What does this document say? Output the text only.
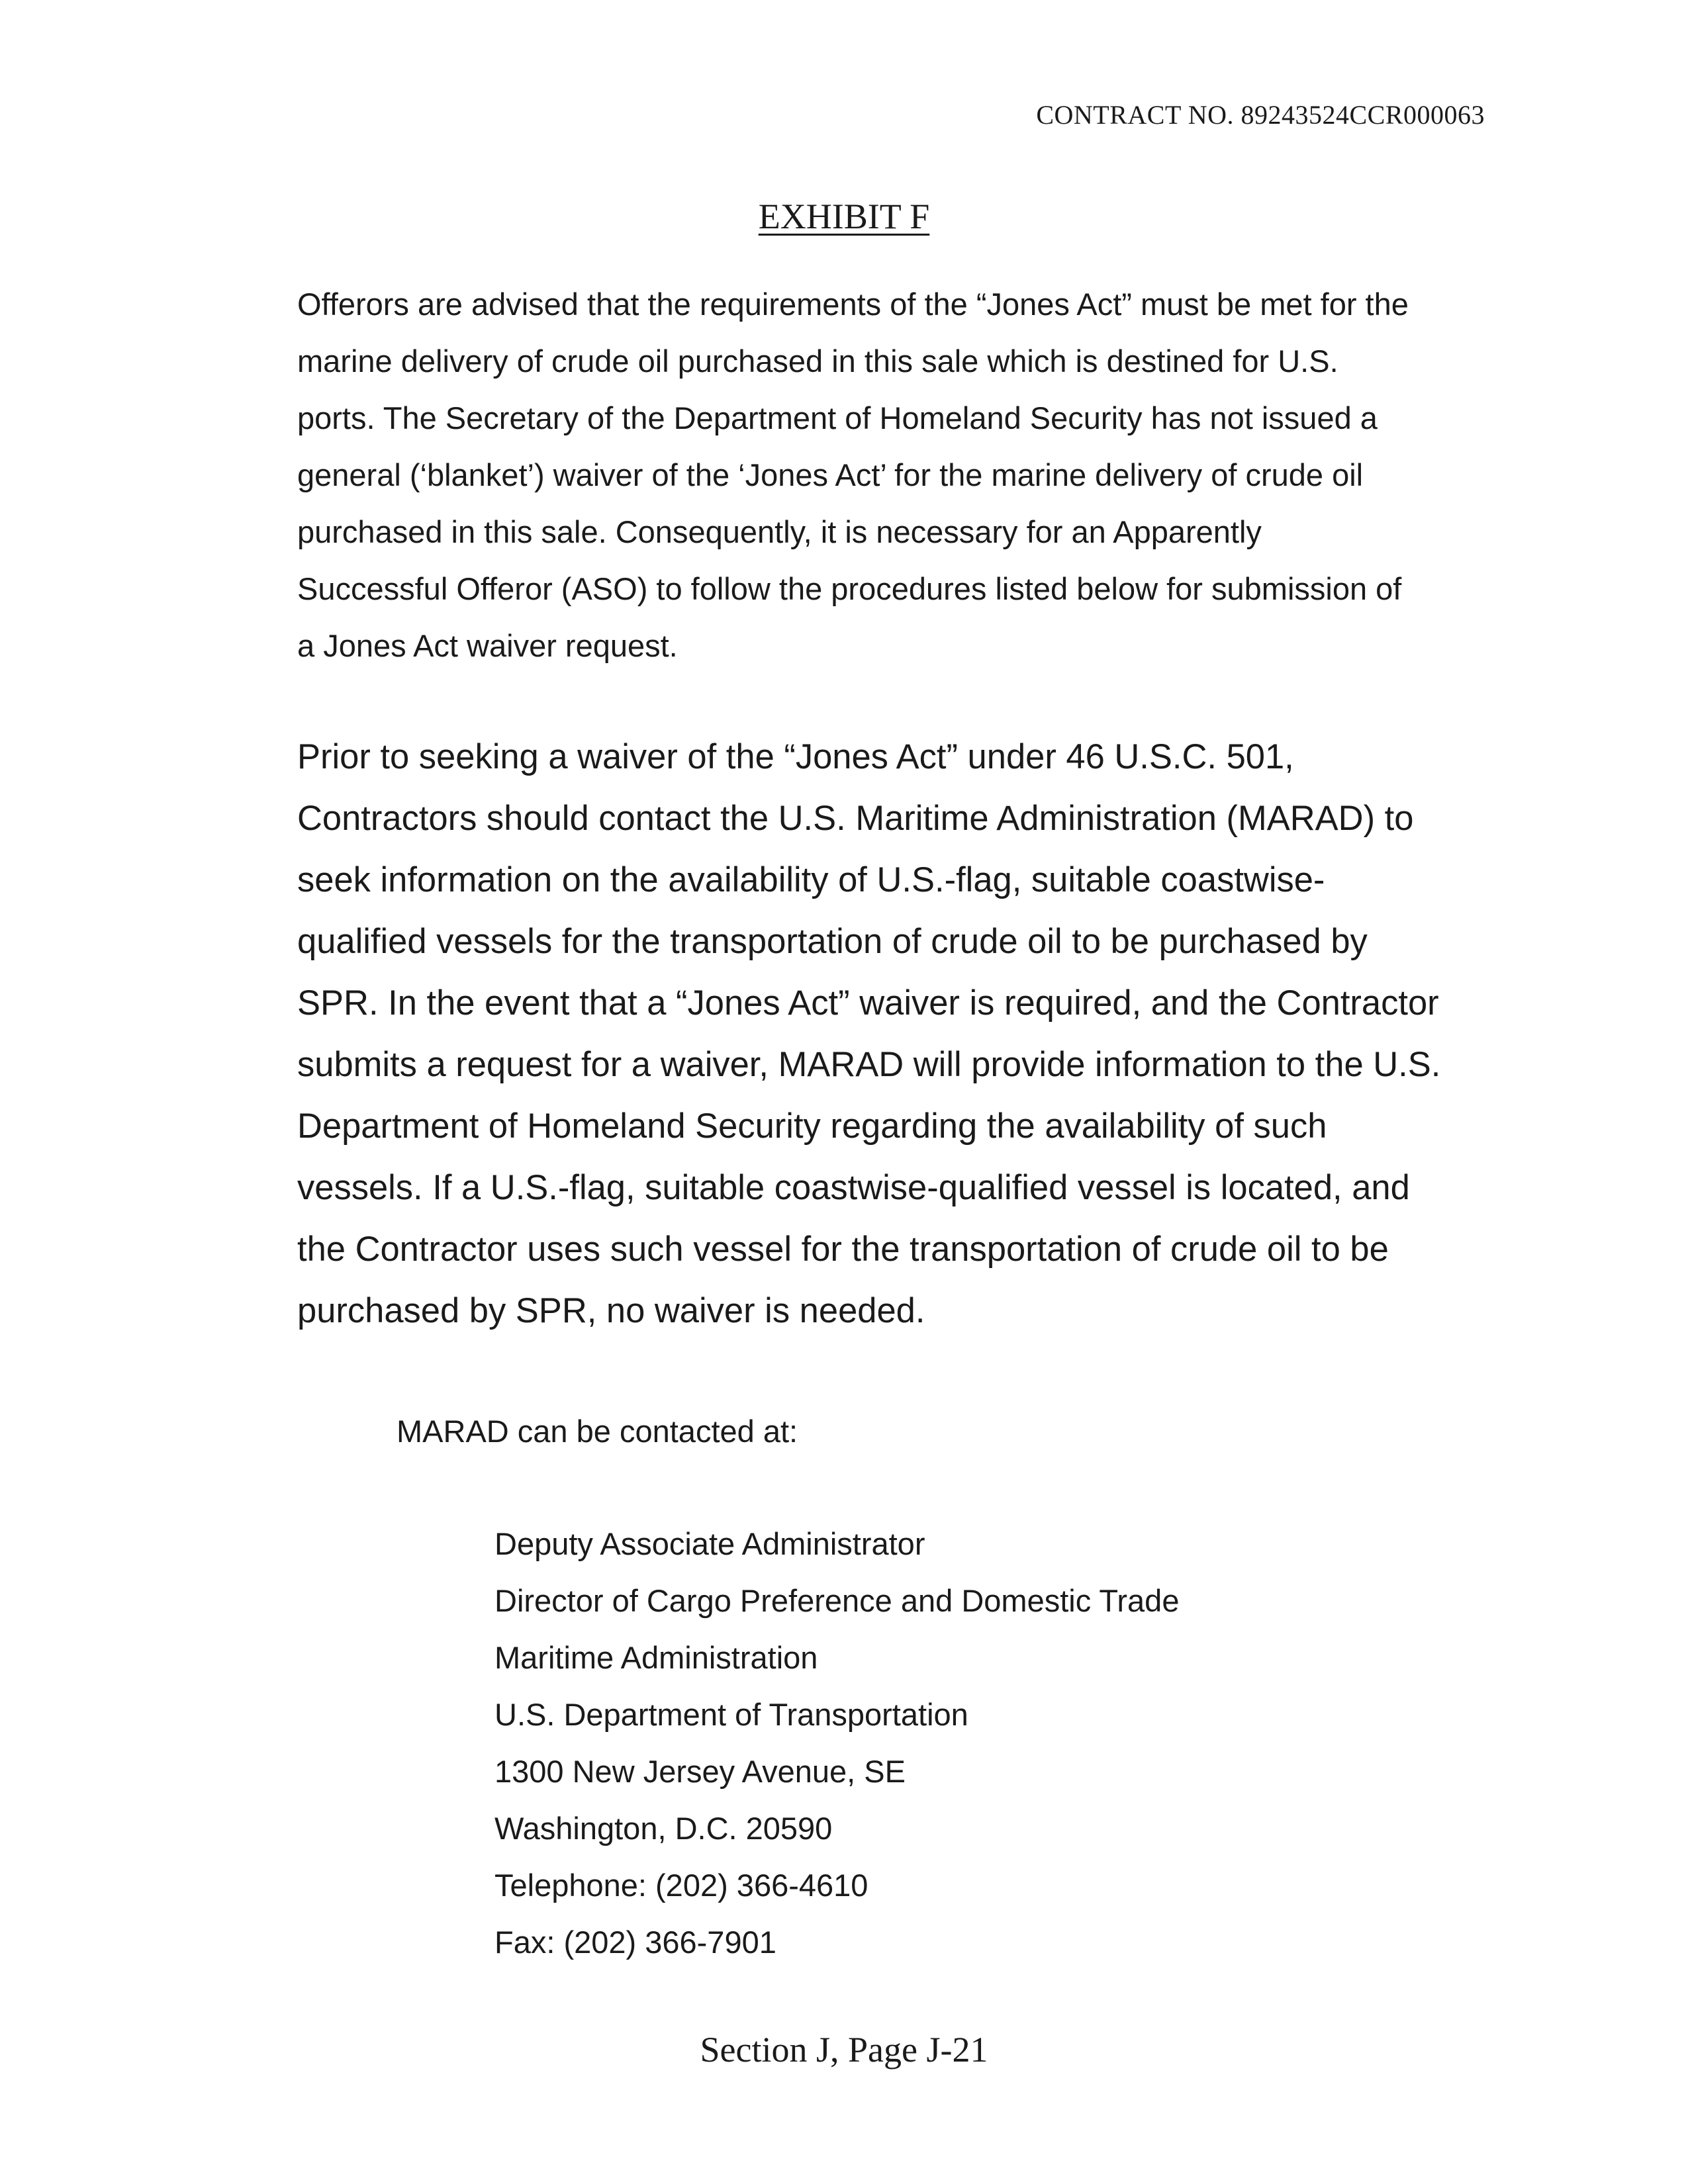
CONTRACT NO. 89243524CCR000063
EXHIBIT F

Offerors are advised that the requirements of the “Jones Act” must be met for the
marine delivery of crude oil purchased in this sale which is destined for U.S.
ports. The Secretary of the Department of Homeland Security has not issued a
general (‘blanket’) waiver of the ‘Jones Act’ for the marine delivery of crude oil
purchased in this sale. Consequently, it is necessary for an Apparently
Successful Offeror (ASO) to follow the procedures listed below for submission of
a Jones Act waiver request.

Prior to seeking a waiver of the “Jones Act” under 46 U.S.C. 501,
Contractors should contact the U.S. Maritime Administration (MARAD) to
seek information on the availability of U.S.-flag, suitable coastwise-
qualified vessels for the transportation of crude oil to be purchased by
SPR. In the event that a “Jones Act” waiver is required, and the Contractor
submits a request for a waiver, MARAD will provide information to the U.S.
Department of Homeland Security regarding the availability of such
vessels. If a U.S.-flag, suitable coastwise-qualified vessel is located, and
the Contractor uses such vessel for the transportation of crude oil to be
purchased by SPR, no waiver is needed.

MARAD can be contacted at:

Deputy Associate Administrator
Director of Cargo Preference and Domestic Trade
Maritime Administration
U.S. Department of Transportation
1300 New Jersey Avenue, SE
Washington, D.C. 20590
Telephone: (202) 366-4610
Fax: (202) 366-7901
Section J, Page J-21
